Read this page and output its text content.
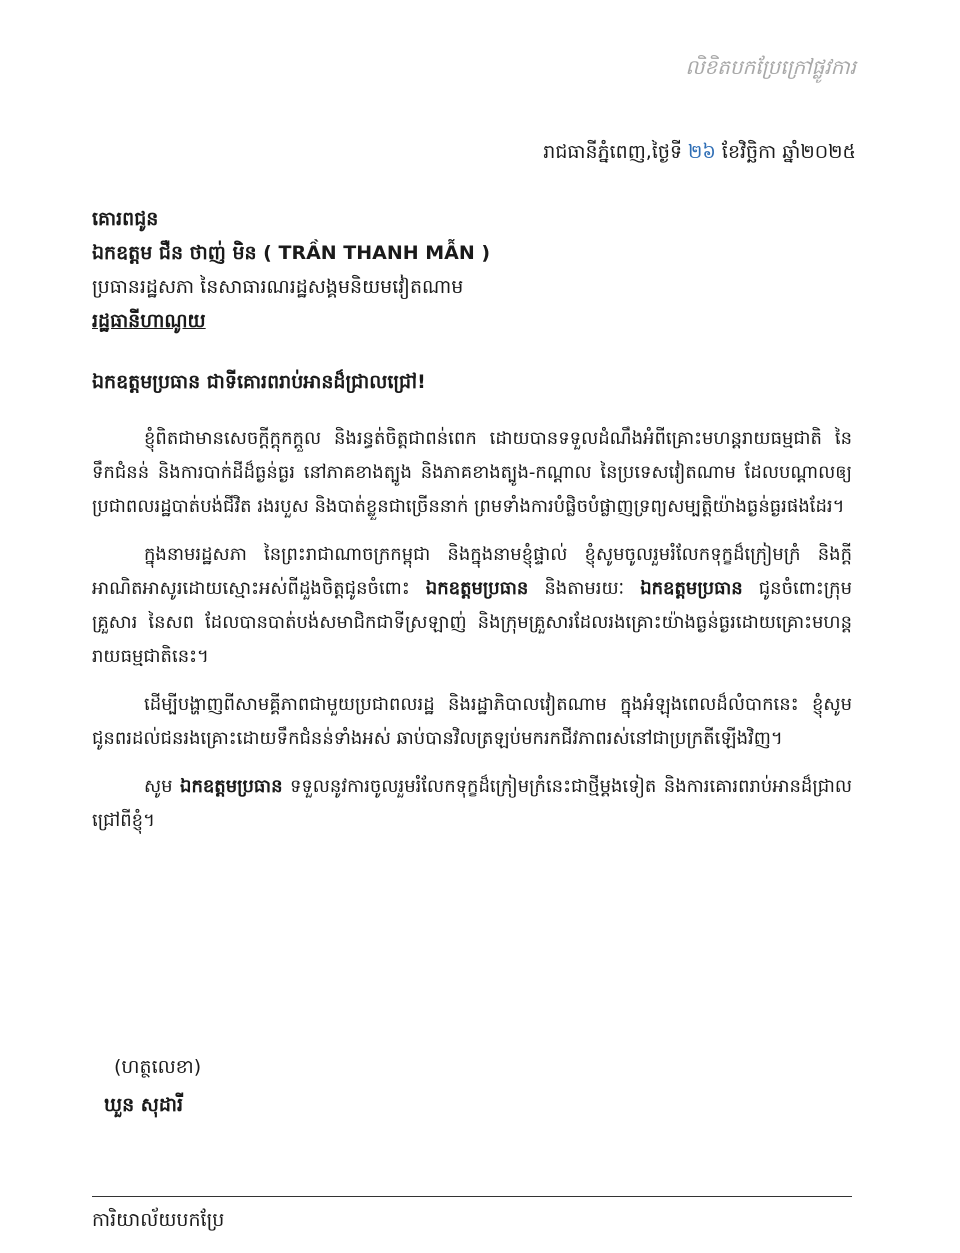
លិខិតបកប្រែក្រៅផ្លូវការ
រាជធានីភ្នំពេញ,ថ្ងៃទី ២៦ ខែវិច្ឆិកា ឆ្នាំ២០២៥
គោរពជូន
ឯកឧត្តម ជឺន ថាញ់ មិន ( TRẦN THANH MẪN )
ប្រធានរដ្ឋសភា នៃសាធារណរដ្ឋសង្គមនិយមវៀតណាម
រដ្ឋធានីហាណូយ
ឯកឧត្តមប្រធាន ជាទីគោរពរាប់អានដ៏ជ្រាលជ្រៅ!

ខ្ញុំពិតជាមានសេចក្តីក្តុកក្តួល និងរន្ធត់ចិត្តជាពន់ពេក ដោយបានទទួលដំណឹងអំពីគ្រោះមហន្តរាយធម្មជាតិ នៃទឹកជំនន់ និងការបាក់ដីដ៏ធ្ងន់ធ្ងរ នៅភាគខាងត្បូង និងភាគខាងត្បូង-កណ្តាល នៃប្រទេសវៀតណាម ដែលបណ្តាលឲ្យប្រជាពលរដ្ឋបាត់បង់ជីវិត រងរបួស និងបាត់ខ្លួនជាច្រើននាក់ ព្រមទាំងការបំផ្លិចបំផ្លាញទ្រព្យសម្បត្តិយ៉ាងធ្ងន់ធ្ងរផងដែរ។

ក្នុងនាមរដ្ឋសភា នៃព្រះរាជាណាចក្រកម្ពុជា និងក្នុងនាមខ្ញុំផ្ទាល់ ខ្ញុំសូមចូលរួមរំលែកទុក្ខដ៏ក្រៀមក្រំ និងក្តីអាណិតអាសូរដោយស្មោះអស់ពីដួងចិត្តជូនចំពោះ ឯកឧត្តមប្រធាន និងតាមរយៈ ឯកឧត្តមប្រធាន ជូនចំពោះក្រុមគ្រួសារ នៃសព ដែលបានបាត់បង់សមាជិកជាទីស្រឡាញ់ និងក្រុមគ្រួសារដែលរងគ្រោះយ៉ាងធ្ងន់ធ្ងរដោយគ្រោះមហន្តរាយធម្មជាតិនេះ។

ដើម្បីបង្ហាញពីសាមគ្គីភាពជាមួយប្រជាពលរដ្ឋ និងរដ្ឋាភិបាលវៀតណាម ក្នុងអំឡុងពេលដ៏លំបាកនេះ ខ្ញុំសូមជូនពរដល់ជនរងគ្រោះដោយទឹកជំនន់ទាំងអស់ ឆាប់បានវិលត្រឡប់មករកជីវភាពរស់នៅជាប្រក្រតីឡើងវិញ។

សូម ឯកឧត្តមប្រធាន ទទួលនូវការចូលរួមរំលែកទុក្ខដ៏ក្រៀមក្រំនេះជាថ្មីម្តងទៀត និងការគោរពរាប់អានដ៏ជ្រាលជ្រៅពីខ្ញុំ។

(ហត្ថលេខា)
ឃួន សុដារី
ការិយាល័យបកប្រែ
